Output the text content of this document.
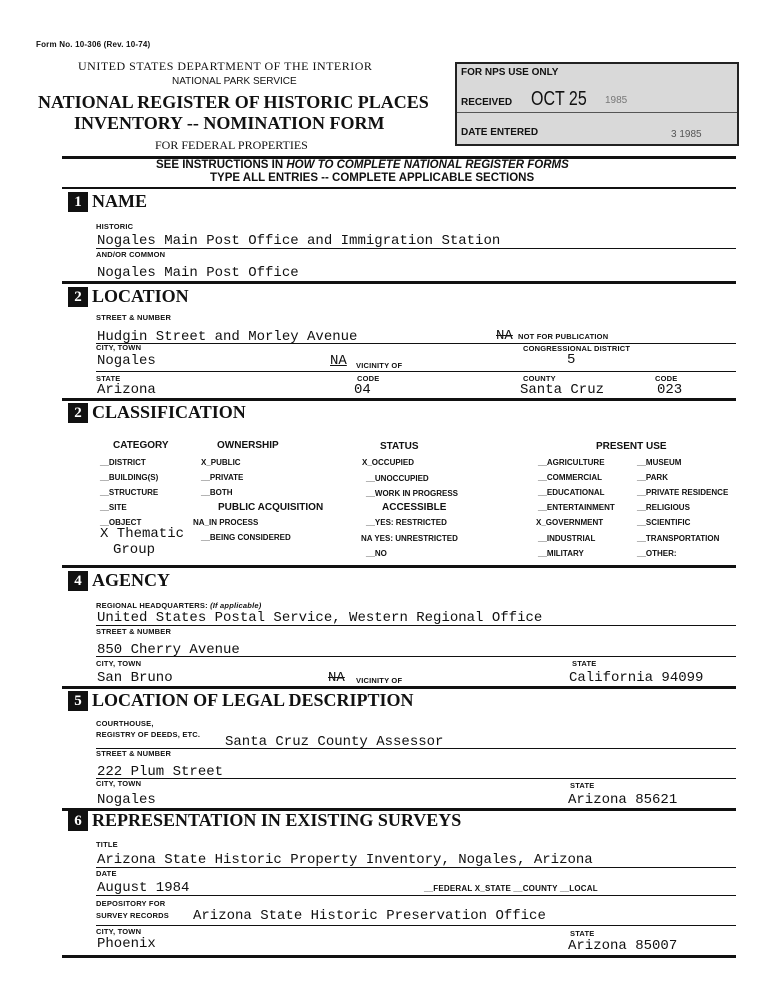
Form No. 10-306 (Rev. 10-74)
UNITED STATES DEPARTMENT OF THE INTERIOR
NATIONAL PARK SERVICE
NATIONAL REGISTER OF HISTORIC PLACES
INVENTORY -- NOMINATION FORM
FOR FEDERAL PROPERTIES
FOR NPS USE ONLY
RECEIVED OCT 25 1985
DATE ENTERED	3 1985
SEE INSTRUCTIONS IN HOW TO COMPLETE NATIONAL REGISTER FORMS
TYPE ALL ENTRIES -- COMPLETE APPLICABLE SECTIONS
1 NAME
HISTORIC
Nogales Main Post Office and Immigration Station
AND/OR COMMON
Nogales Main Post Office
2 LOCATION
STREET & NUMBER
Hudgin Street and Morley Avenue	NA NOT FOR PUBLICATION
CITY, TOWN	CONGRESSIONAL DISTRICT
Nogales	NA VICINITY OF	5
STATE	CODE	COUNTY	CODE
Arizona	04	Santa Cruz	023
2 CLASSIFICATION
CATEGORY
__DISTRICT
__BUILDING(S)
__STRUCTURE
__SITE
__OBJECT
X Thematic
Group
OWNERSHIP
X_PUBLIC
__PRIVATE
__BOTH
PUBLIC ACQUISITION
NA_IN PROCESS
__BEING CONSIDERED
STATUS
X_OCCUPIED
__UNOCCUPIED
__WORK IN PROGRESS
ACCESSIBLE
__YES: RESTRICTED
NA YES: UNRESTRICTED
__NO
PRESENT USE
__AGRICULTURE
__COMMERCIAL
__EDUCATIONAL
__ENTERTAINMENT
X_GOVERNMENT
__INDUSTRIAL
__MILITARY
__MUSEUM
__PARK
__PRIVATE RESIDENCE
__RELIGIOUS
__SCIENTIFIC
__TRANSPORTATION
__OTHER:
4 AGENCY
REGIONAL HEADQUARTERS: (If applicable)
United States Postal Service, Western Regional Office
STREET & NUMBER
850 Cherry Avenue
CITY, TOWN	STATE
San Bruno	NA VICINITY OF	California 94099
5 LOCATION OF LEGAL DESCRIPTION
COURTHOUSE,
REGISTRY OF DEEDS, ETC. Santa Cruz County Assessor
STREET & NUMBER
222 Plum Street
CITY, TOWN	STATE
Nogales	Arizona 85621
6 REPRESENTATION IN EXISTING SURVEYS
TITLE
Arizona State Historic Property Inventory, Nogales, Arizona
DATE
August 1984	__FEDERAL X_STATE __COUNTY __LOCAL
DEPOSITORY FOR
SURVEY RECORDS Arizona State Historic Preservation Office
CITY, TOWN	STATE
Phoenix	Arizona 85007
